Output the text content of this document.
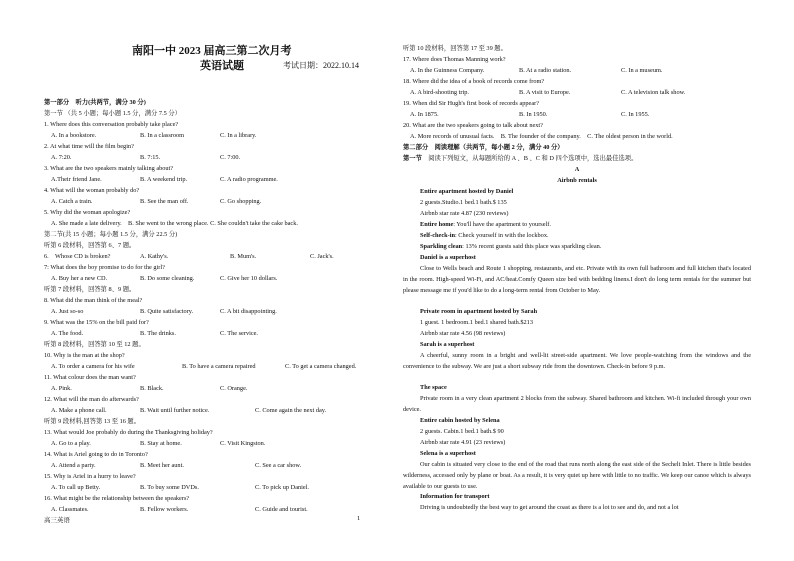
南阳一中 2023 届高三第二次月考
英语试题	考试日期：2022.10.14
第一部分　听力(共两节，满分 30 分)
第一节 （共 5 小题；每小题 1.5 分，满分 7.5 分）
1. Where does this conversation probably take place?
A. In a bookstore.	B. In a classroom	C. In a library.
2. At what time will the film begin?
A. 7:20.	B. 7:15.	C. 7:00.
3. What are the two speakers mainly talking about?
A.Their friend Jane.	B. A weekend trip.	C. A radio programme.
4. What will the woman probably do?
A. Catch a train.	B. See the man off.	C. Go shopping.
5. Why did the woman apologize?
A. She made a late delivery.　B. She went to the wrong place. C. She couldn't take the cake back.
第二节(共 15 小题；每小题 1.5 分，满分 22.5 分)
听第 6 段材料，回答第 6、7 题。
6.　Whose CD is broken?	A. Kathy's.	B. Mum's.	C. Jack's.
7: What does the boy promise to do for the girl?
A. Buy her a new CD.	B. Do some cleaning.	C. Give her 10 dollars.
听第 7 段材料，回答第 8、9 题。
8. What did the man think of the meal?
A. Just so-so	B. Quite satisfactory.	C. A bit disappointing.
9. What was the 15% on the bill paid for?
A. The food.	B. The drinks.	C. The service.
听第 8 段材料，回答第 10 至 12 题。
10. Why is the man at the shop?
A. To order a camera for his wife	B. To have a camera repaired	C. To get a camera changed.
11. What colour does the man want?
A. Pink.	B. Black.	C. Orange.
12. What will the man do afterwards?
A. Make a phone call.	B. Wait until further notice.	C. Come again the next day.
听第 9 段材料,回答第 13 至 16 题。
13. What would Joe probably do during the Thanksgiving holiday?
A. Go to a play.	B. Stay at home.	C. Visit Kingston.
14. What is Ariel going to do in Toronto?
A. Attend a party.	B. Meet her aunt.	C. See a car show.
15. Why is Ariel in a hurry to leave?
A. To call up Betty.	B. To buy some DVDs.	C. To pick up Daniel.
16. What might be the relationship between the speakers?
A. Classmates.	B. Fellow workers.	C. Guide and tourist.
听第 10 段材料，回答第 17 至 39 题。
17. Where does Thomas Manning work?
A. In the Guinness Company.	B. At a radio station.	C. In a museum.
18. Where did the idea of a book of records come from?
A. A bird-shooting trip.	B. A visit to Europe.	C. A television talk show.
19. When did Sir Hugh's first book of records appear?
A. In 1875.	B. In 1950.	C. In 1955.
20. What are the two speakers going to talk about next?
A. More records of unusual facts.　B. The founder of the company.　C. The oldest person in the world.
第二部分　阅读理解（共两节，每小题 2 分，满分 40 分）
第一节　 阅读下列短文，从每题所给的 A 、B 、C 和 D 四个选项中，选出最佳选项。
A
Airbnb rentals
Entire apartment hosted by Daniel
2 guests.Studio.1 bed.1 bath.$ 135
Airbnb star rate 4.87 (230 reviews)
Entire home: You'll have the apartment to yourself.
Self-check-in: Check yourself in with the lockbox.
Sparkling clean: 13% recent guests said this place was sparkling clean.
Daniel is a superhost
Close to Wells beach and Route 1 shopping, restaurants, and etc. Private with its own full bathroom and full kitchen that's located in the room. High-speed Wi-Fi, and AC/heat.Comfy Queen size bed with bedding linens.I don't do long term rentals for the summer but please message me if you'd like to do a long-term rental from October to May.
Private room in apartment hosted by Sarah
1 guest. 1 bedroom.1 bed.1 shared bath.$213
Airbnb star rate 4.56 (98 reviews)
Sarah is a superhost
A cheerful, sunny room in a bright and well-lit street-side apartment. We love people-watching from the windows and the convenience to the subway. We are just a short subway ride from the downtown. Check-in before 9 p.m.
The space
Private room in a very clean apartment 2 blocks from the subway. Shared bathroom and kitchen. Wi-fi included through your own device.
Entire cabin hosted by Selena
2 guests. Cabin.1 bed.1 bath.$ 90
Airbnb star rate 4.91 (23 reviews)
Selena is a superhost
Our cabin is situated very close to the end of the road that runs north along the east side of the Sechelt Inlet. There is little besides wilderness, accessed only by plane or boat. As a result, it is very quiet up here with little to no traffic. We keep our canoe which is always available to our guests to use.
Information for transport
Driving is undoubtedly the best way to get around the coast as there is a lot to see and do, and not a lot
高三英语	1
